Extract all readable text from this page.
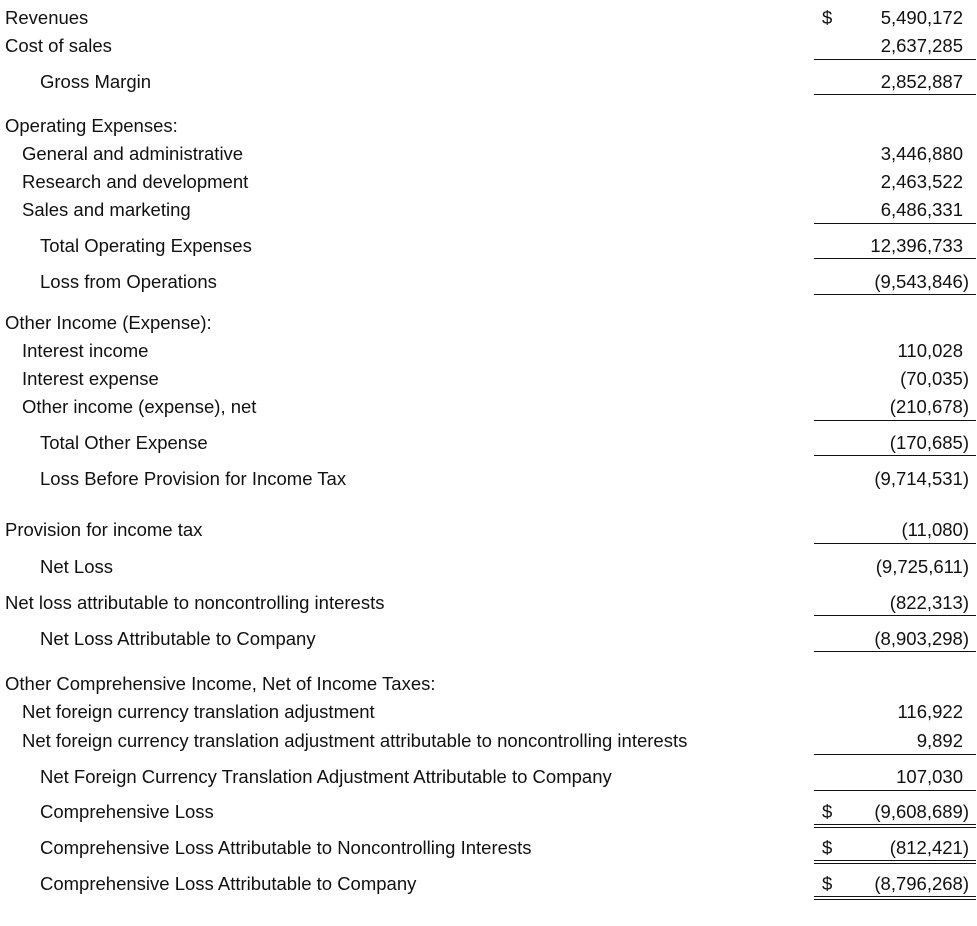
Revenues	$	5,490,172
Cost of sales	2,637,285
Gross Margin	2,852,887
Operating Expenses:
General and administrative	3,446,880
Research and development	2,463,522
Sales and marketing	6,486,331
Total Operating Expenses	12,396,733
Loss from Operations	(9,543,846)
Other Income (Expense):
Interest income	110,028
Interest expense	(70,035)
Other income (expense), net	(210,678)
Total Other Expense	(170,685)
Loss Before Provision for Income Tax	(9,714,531)
Provision for income tax	(11,080)
Net Loss	(9,725,611)
Net loss attributable to noncontrolling interests	(822,313)
Net Loss Attributable to Company	(8,903,298)
Other Comprehensive Income, Net of Income Taxes:
Net foreign currency translation adjustment	116,922
Net foreign currency translation adjustment attributable to noncontrolling interests	9,892
Net Foreign Currency Translation Adjustment Attributable to Company	107,030
Comprehensive Loss	$ (9,608,689)
Comprehensive Loss Attributable to Noncontrolling Interests	$	(812,421)
Comprehensive Loss Attributable to Company	$ (8,796,268)
